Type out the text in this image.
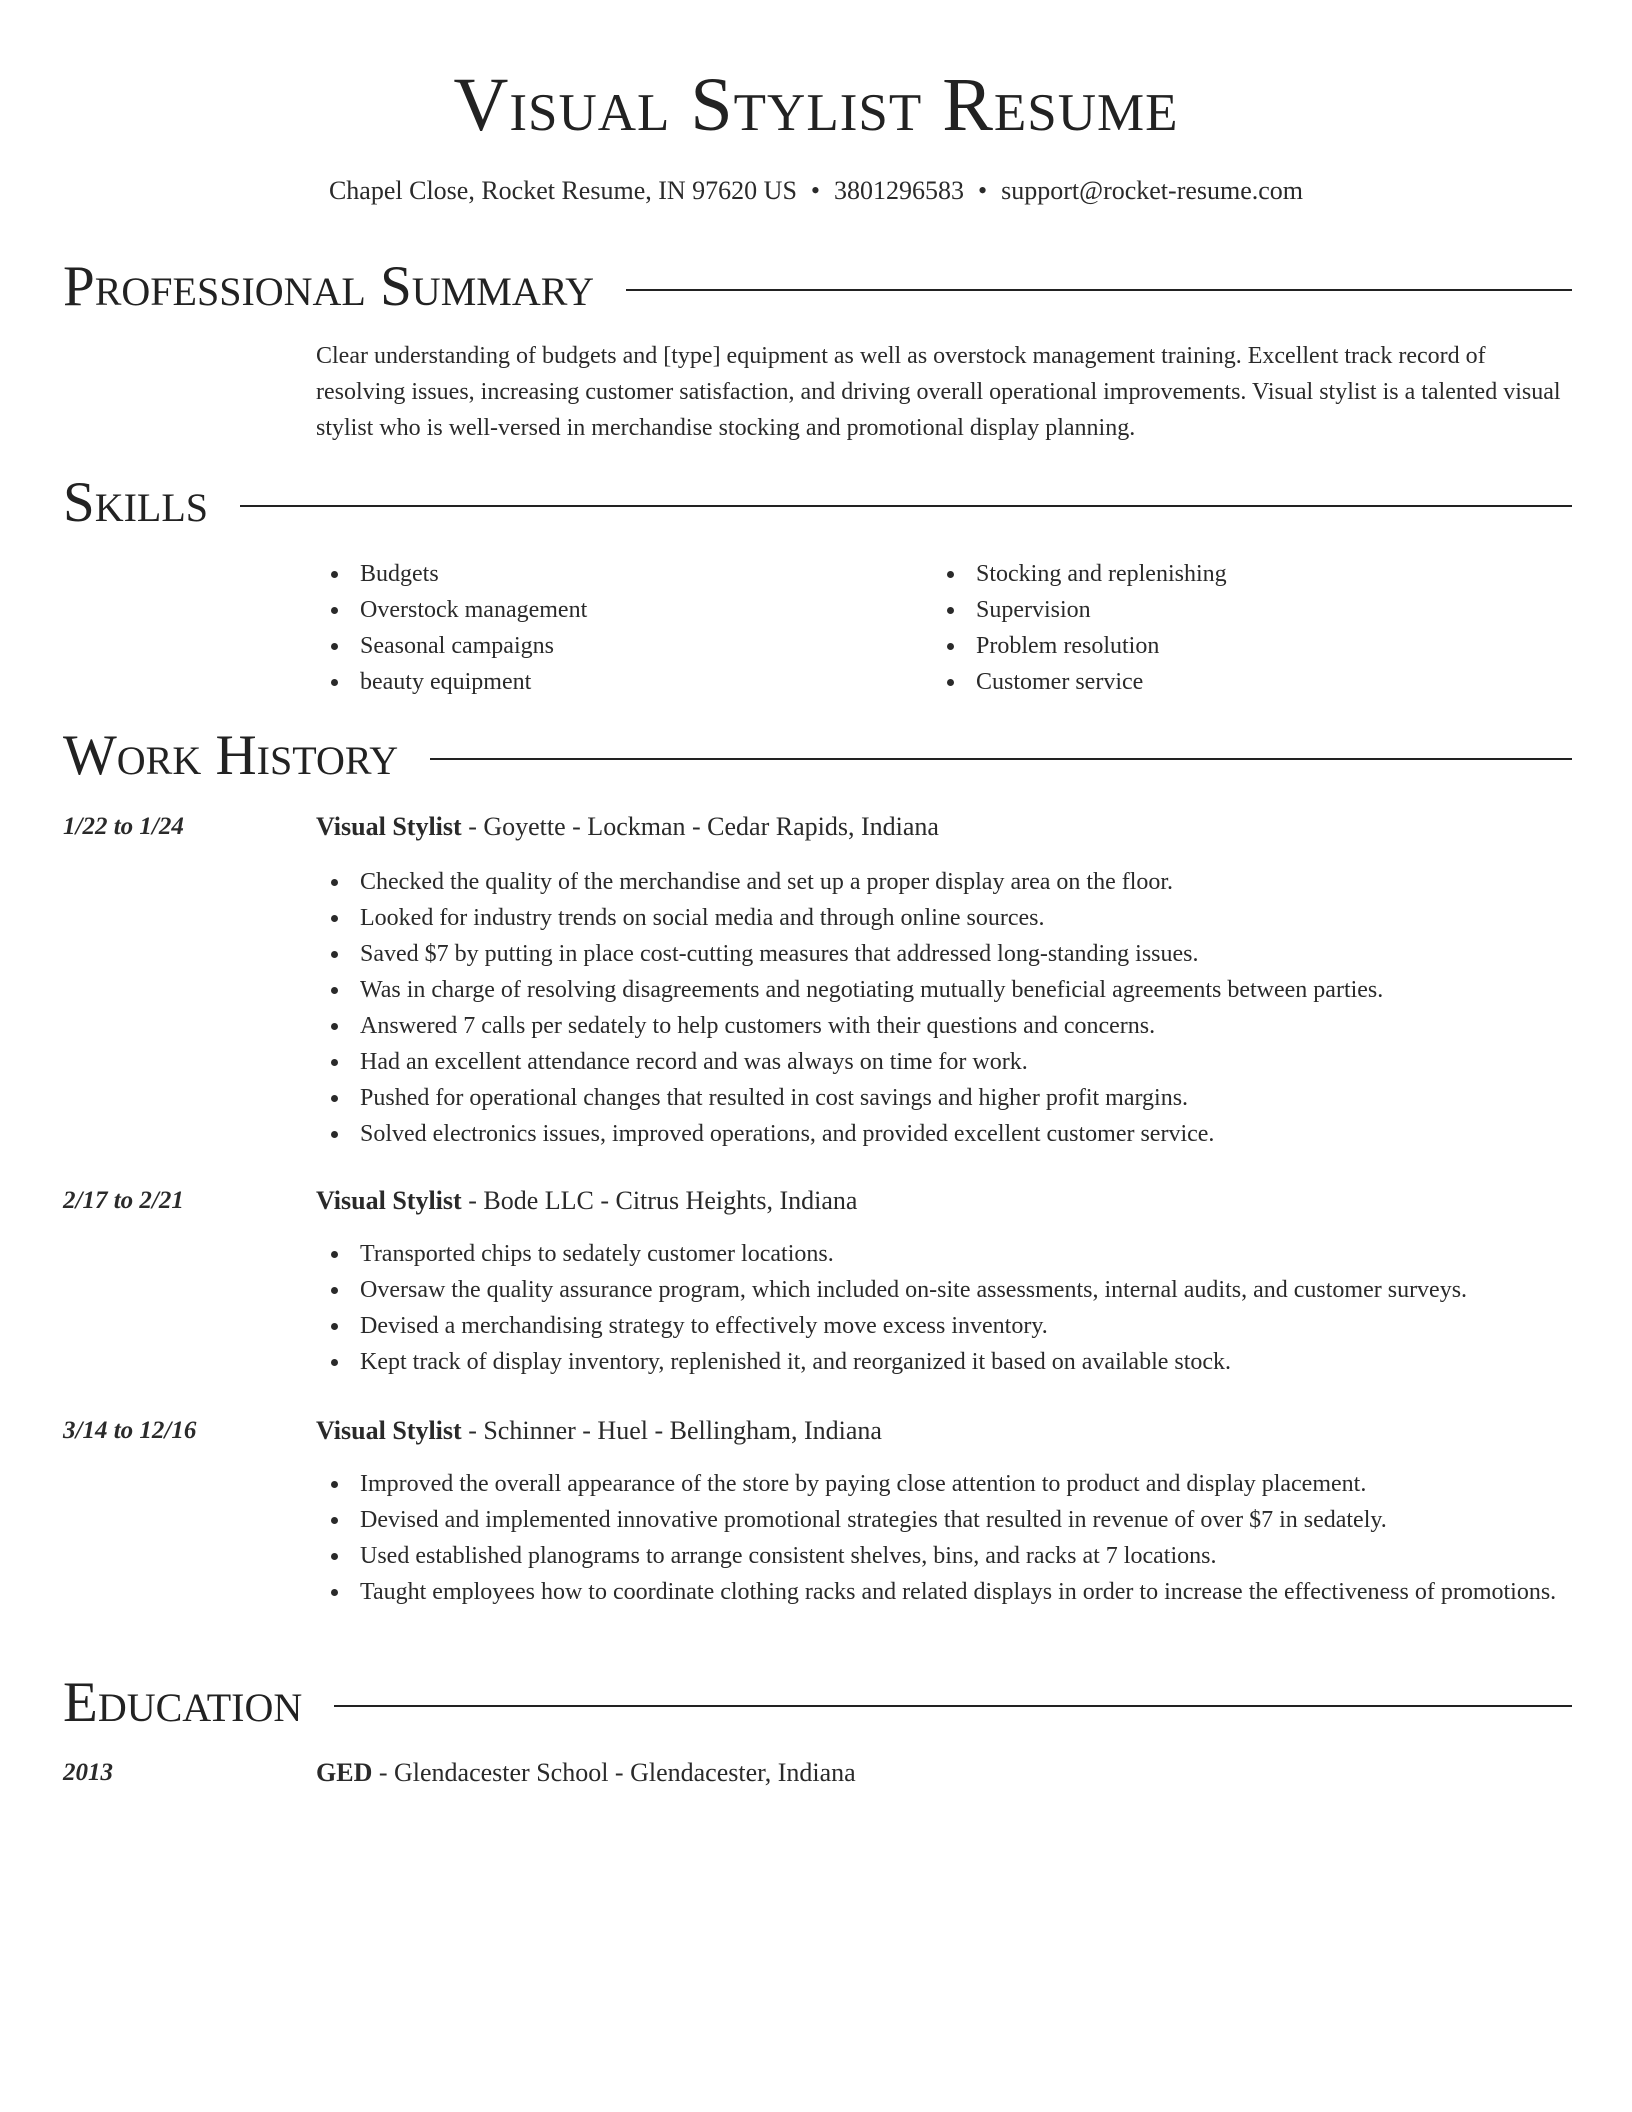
Visual Stylist Resume
Chapel Close, Rocket Resume, IN 97620 US • 3801296583 • support@rocket-resume.com
Professional Summary
Clear understanding of budgets and [type] equipment as well as overstock management training. Excellent track record of resolving issues, increasing customer satisfaction, and driving overall operational improvements. Visual stylist is a talented visual stylist who is well-versed in merchandise stocking and promotional display planning.
Skills
Budgets
Overstock management
Seasonal campaigns
beauty equipment
Stocking and replenishing
Supervision
Problem resolution
Customer service
Work History
1/22 to 1/24	Visual Stylist - Goyette - Lockman - Cedar Rapids, Indiana
Checked the quality of the merchandise and set up a proper display area on the floor.
Looked for industry trends on social media and through online sources.
Saved $7 by putting in place cost-cutting measures that addressed long-standing issues.
Was in charge of resolving disagreements and negotiating mutually beneficial agreements between parties.
Answered 7 calls per sedately to help customers with their questions and concerns.
Had an excellent attendance record and was always on time for work.
Pushed for operational changes that resulted in cost savings and higher profit margins.
Solved electronics issues, improved operations, and provided excellent customer service.
2/17 to 2/21	Visual Stylist - Bode LLC - Citrus Heights, Indiana
Transported chips to sedately customer locations.
Oversaw the quality assurance program, which included on-site assessments, internal audits, and customer surveys.
Devised a merchandising strategy to effectively move excess inventory.
Kept track of display inventory, replenished it, and reorganized it based on available stock.
3/14 to 12/16	Visual Stylist - Schinner - Huel - Bellingham, Indiana
Improved the overall appearance of the store by paying close attention to product and display placement.
Devised and implemented innovative promotional strategies that resulted in revenue of over $7 in sedately.
Used established planograms to arrange consistent shelves, bins, and racks at 7 locations.
Taught employees how to coordinate clothing racks and related displays in order to increase the effectiveness of promotions.
Education
2013	GED - Glendacester School - Glendacester, Indiana
